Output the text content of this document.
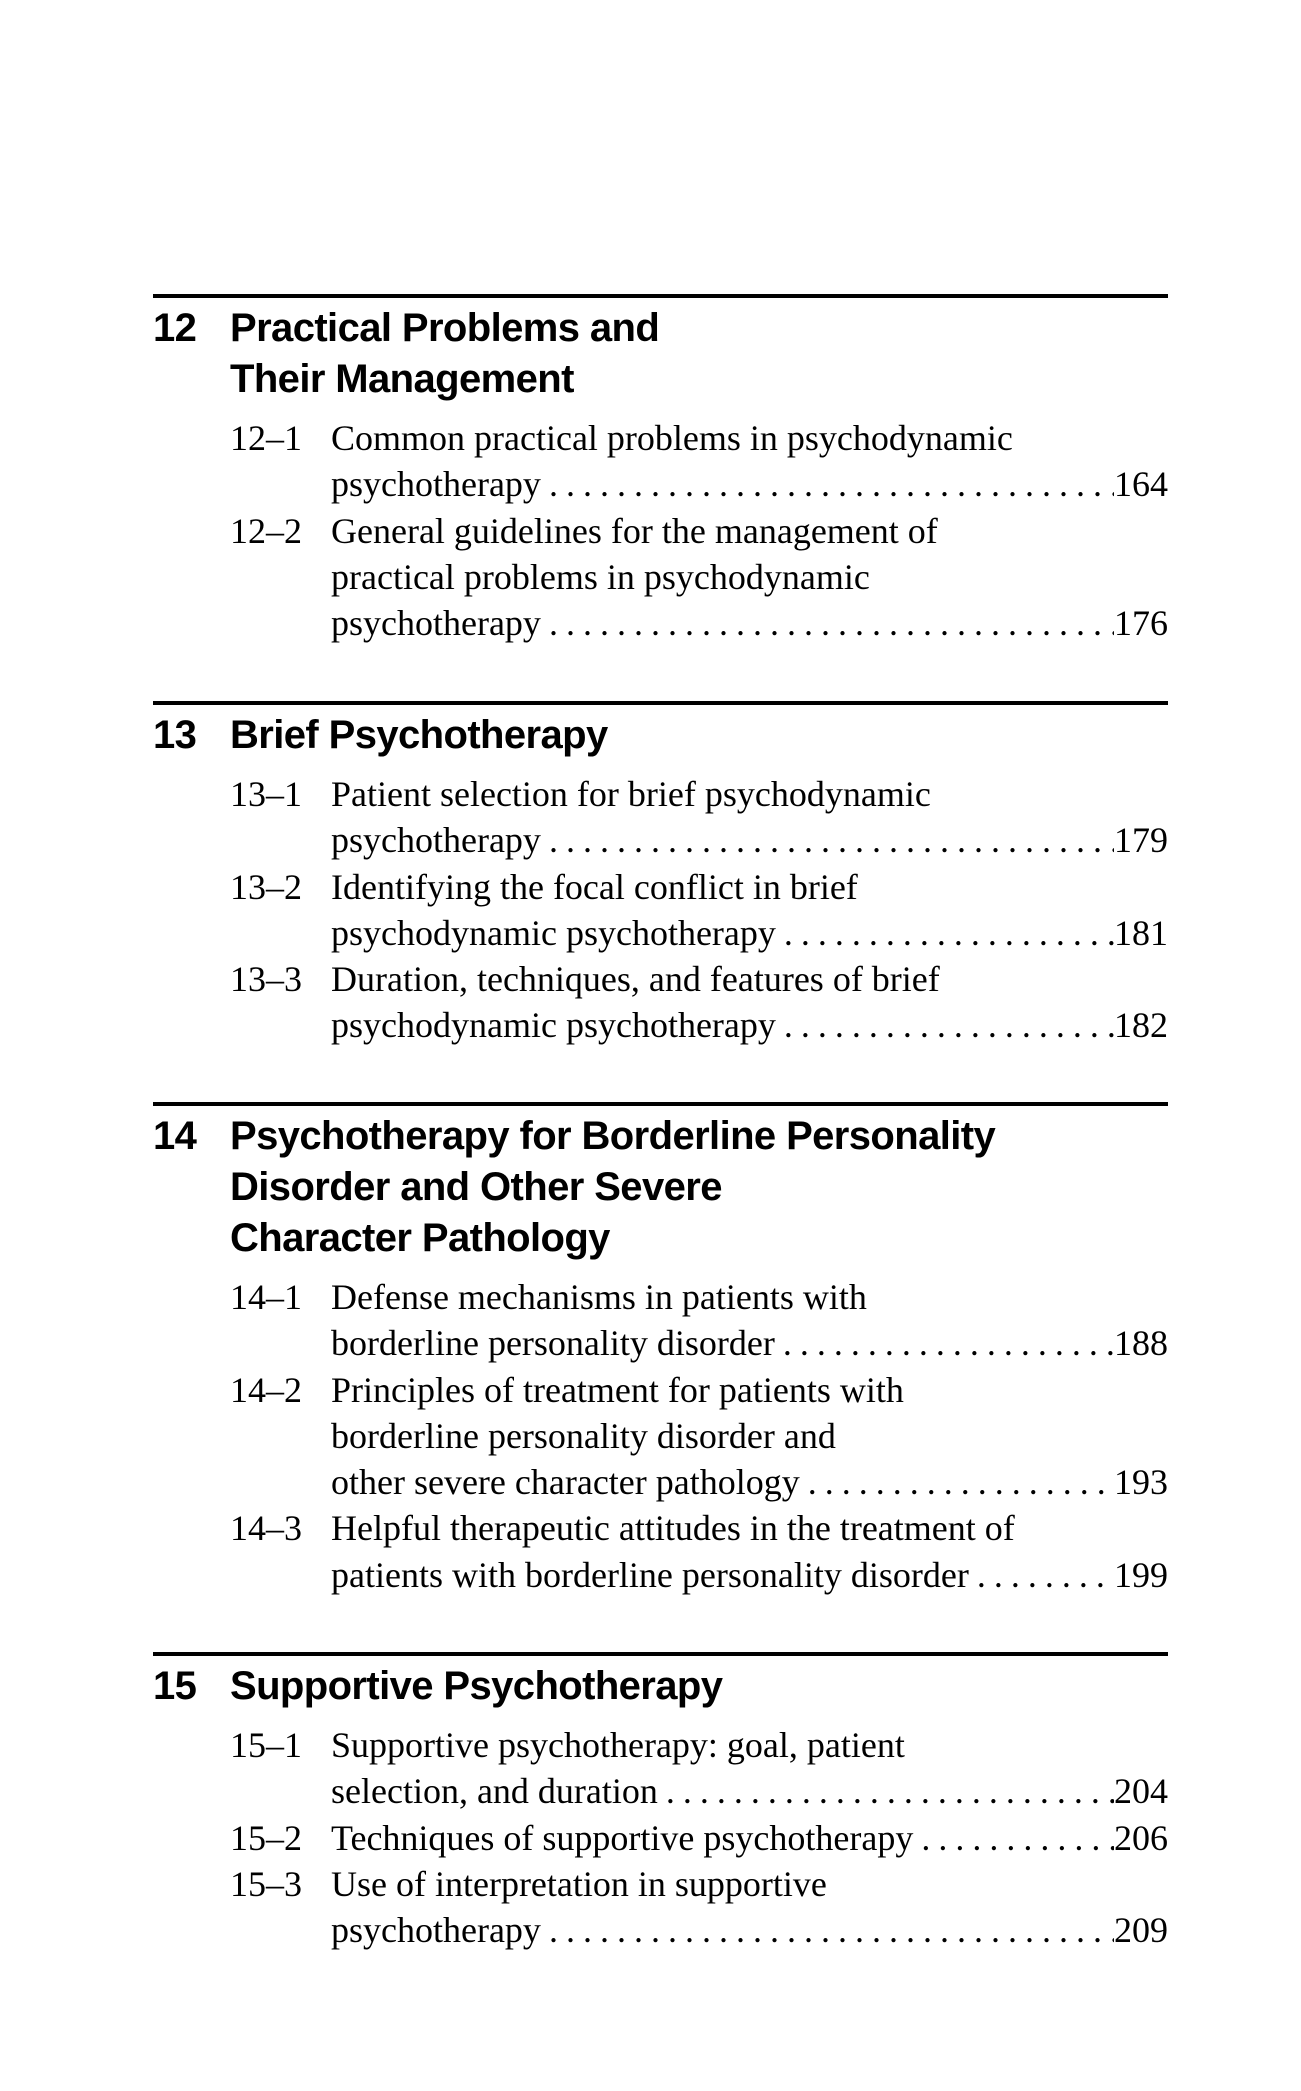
12 Practical Problems and
Their Management
12–1 Common practical problems in psychodynamic
psychotherapy . . .	164
12–2 General guidelines for the management of
practical problems in psychodynamic
psychotherapy . . .	176
13 Brief Psychotherapy
13–1 Patient selection for brief psychodynamic
psychotherapy . . .	179
13–2 Identifying the focal conflict in brief
psychodynamic psychotherapy . . .	181
13–3 Duration, techniques, and features of brief
psychodynamic psychotherapy . . .	182
14 Psychotherapy for Borderline Personality
Disorder and Other Severe
Character Pathology
14–1 Defense mechanisms in patients with
borderline personality disorder . . .	188
14–2 Principles of treatment for patients with
borderline personality disorder and
other severe character pathology . . .	193
14–3 Helpful therapeutic attitudes in the treatment of
patients with borderline personality disorder . . .	199
15 Supportive Psychotherapy
15–1 Supportive psychotherapy: goal, patient
selection, and duration . . .	204
15–2 Techniques of supportive psychotherapy . . .	206
15–3 Use of interpretation in supportive
psychotherapy . . .	209
